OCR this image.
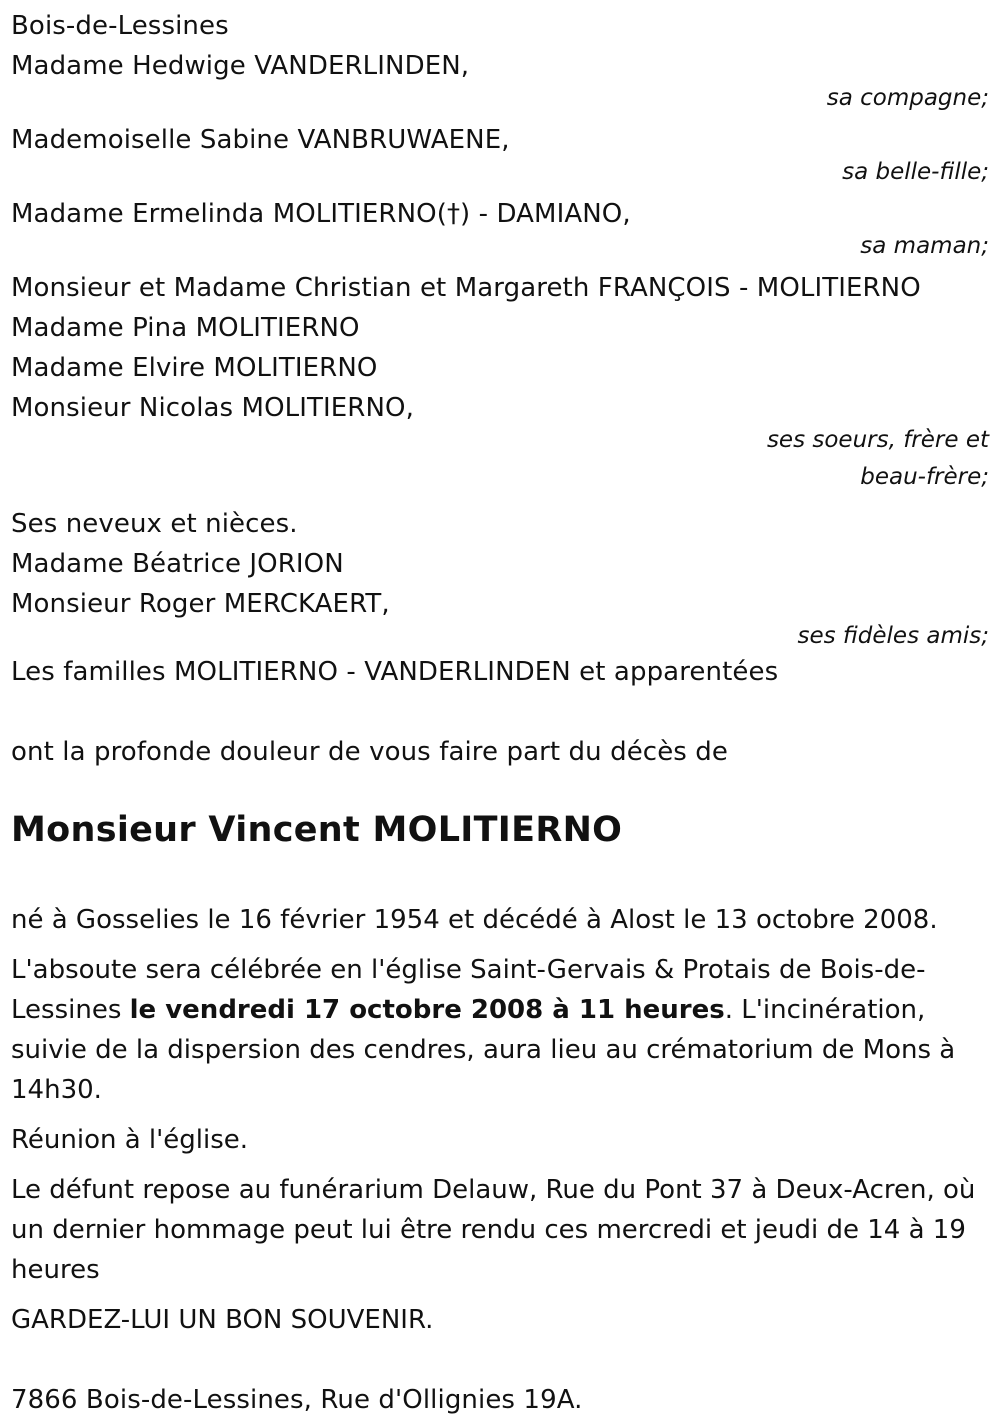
Bois-de-Lessines
Madame Hedwige VANDERLINDEN,
sa compagne;
Mademoiselle Sabine VANBRUWAENE,
sa belle-fille;
Madame Ermelinda MOLITIERNO(†) - DAMIANO,
sa maman;
Monsieur et Madame Christian et Margareth FRANÇOIS - MOLITIERNO
Madame Pina MOLITIERNO
Madame Elvire MOLITIERNO
Monsieur Nicolas MOLITIERNO,
ses soeurs, frère et
beau-frère;
Ses neveux et nièces.
Madame Béatrice JORION
Monsieur Roger MERCKAERT,
ses fidèles amis;
Les familles MOLITIERNO - VANDERLINDEN et apparentées
ont la profonde douleur de vous faire part du décès de
Monsieur Vincent MOLITIERNO
né à Gosselies le 16 février 1954 et décédé à Alost le 13 octobre 2008.
L'absoute sera célébrée en l'église Saint-Gervais & Protais de Bois-de-Lessines le vendredi 17 octobre 2008 à 11 heures. L'incinération, suivie de la dispersion des cendres, aura lieu au crématorium de Mons à 14h30.
Réunion à l'église.
Le défunt repose au funérarium Delauw, Rue du Pont 37 à Deux-Acren, où un dernier hommage peut lui être rendu ces mercredi et jeudi de 14 à 19 heures
GARDEZ-LUI UN BON SOUVENIR.
7866 Bois-de-Lessines, Rue d'Ollignies 19A.
